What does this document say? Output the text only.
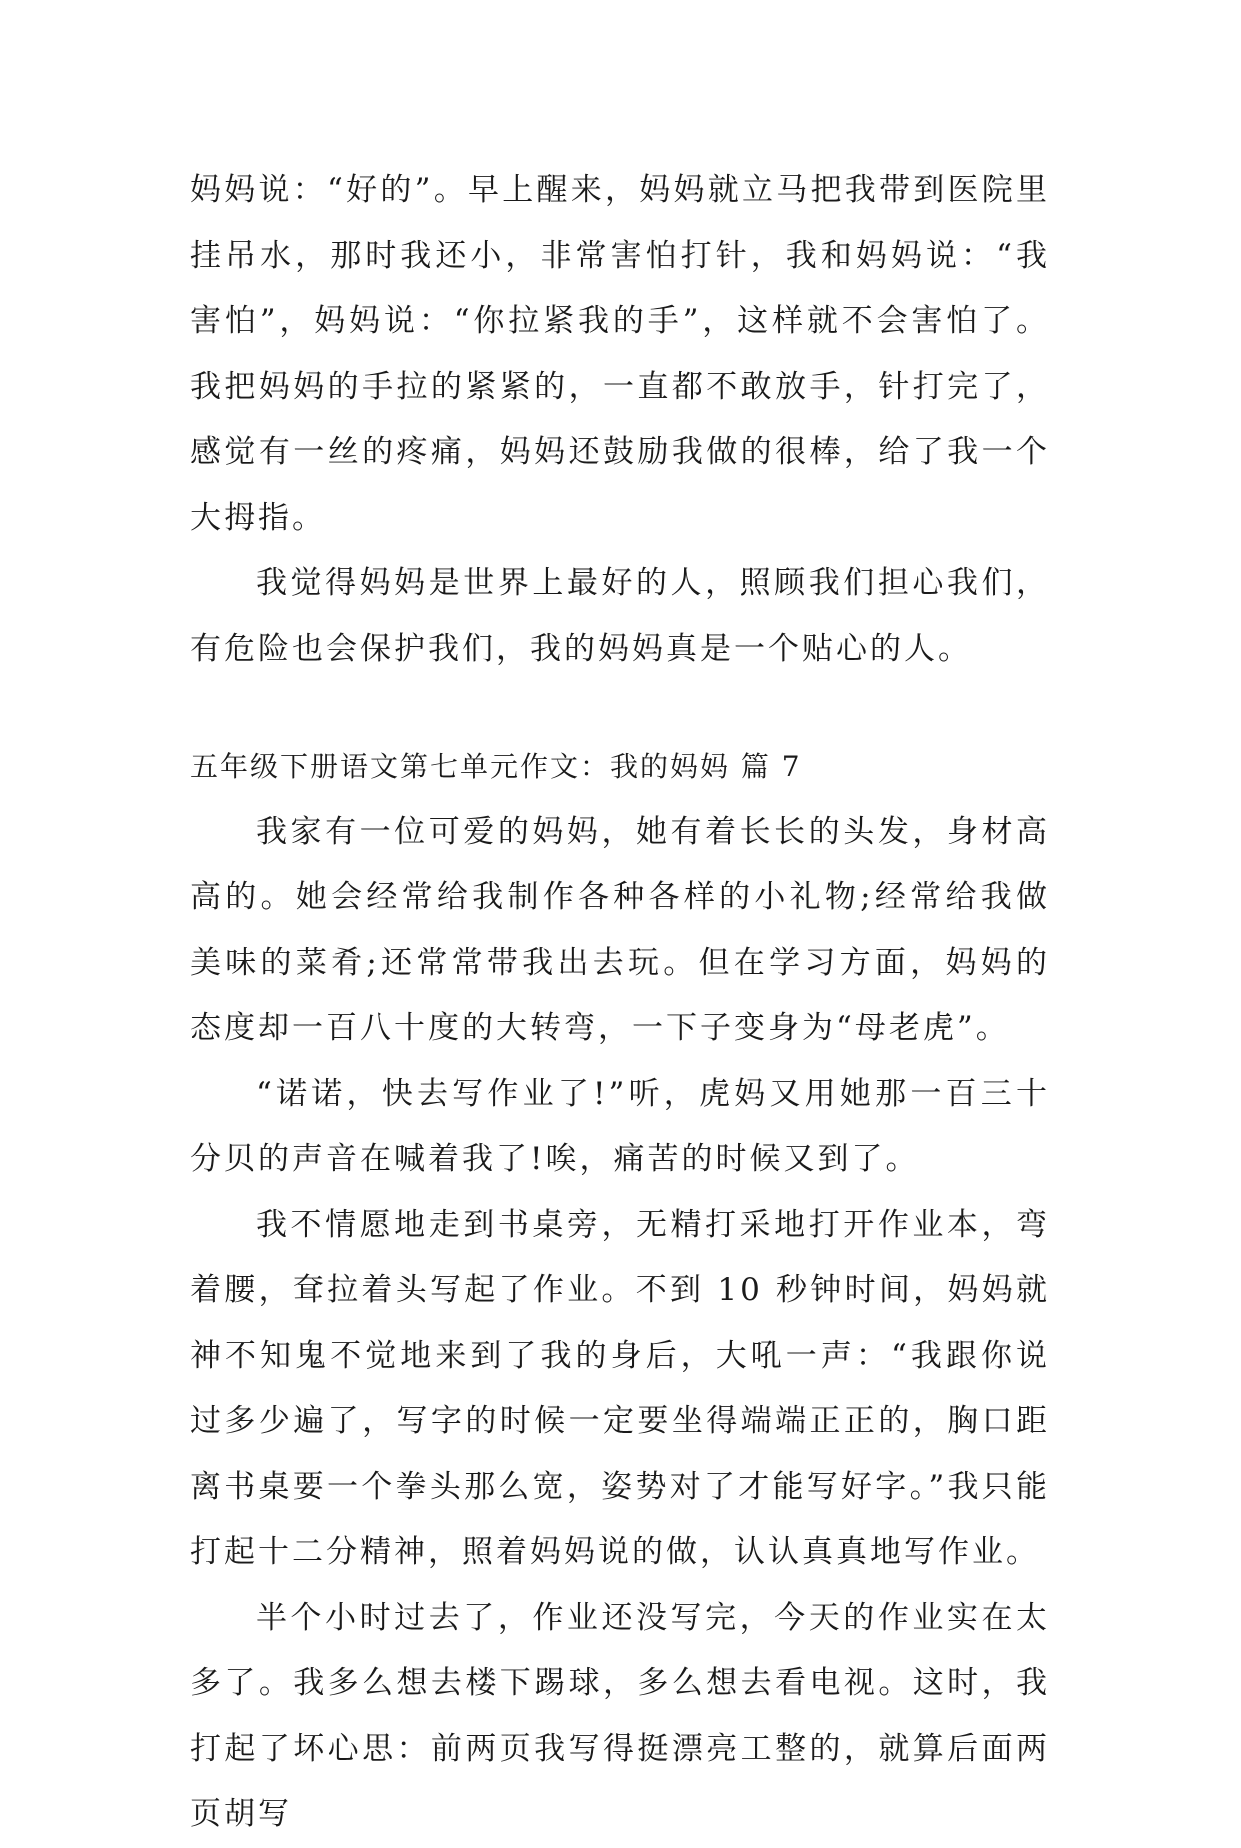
妈妈说：“好的”。早上醒来，妈妈就立马把我带到医院里挂吊水，那时我还小，非常害怕打针，我和妈妈说：“我害怕”，妈妈说：“你拉紧我的手”，这样就不会害怕了。我把妈妈的手拉的紧紧的，一直都不敢放手，针打完了，感觉有一丝的疼痛，妈妈还鼓励我做的很棒，给了我一个大拇指。

我觉得妈妈是世界上最好的人，照顾我们担心我们，有危险也会保护我们，我的妈妈真是一个贴心的人。

五年级下册语文第七单元作文：我的妈妈 篇 7

我家有一位可爱的妈妈，她有着长长的头发，身材高高的。她会经常给我制作各种各样的小礼物;经常给我做美味的菜肴;还常常带我出去玩。但在学习方面，妈妈的态度却一百八十度的大转弯，一下子变身为“母老虎”。

“诺诺，快去写作业了!”听，虎妈又用她那一百三十分贝的声音在喊着我了!唉，痛苦的时候又到了。

我不情愿地走到书桌旁，无精打采地打开作业本，弯着腰，耷拉着头写起了作业。不到 10 秒钟时间，妈妈就神不知鬼不觉地来到了我的身后，大吼一声：“我跟你说过多少遍了，写字的时候一定要坐得端端正正的，胸口距离书桌要一个拳头那么宽，姿势对了才能写好字。”我只能打起十二分精神，照着妈妈说的做，认认真真地写作业。

半个小时过去了，作业还没写完，今天的作业实在太多了。我多么想去楼下踢球，多么想去看电视。这时，我打起了坏心思：前两页我写得挺漂亮工整的，就算后面两页胡写
